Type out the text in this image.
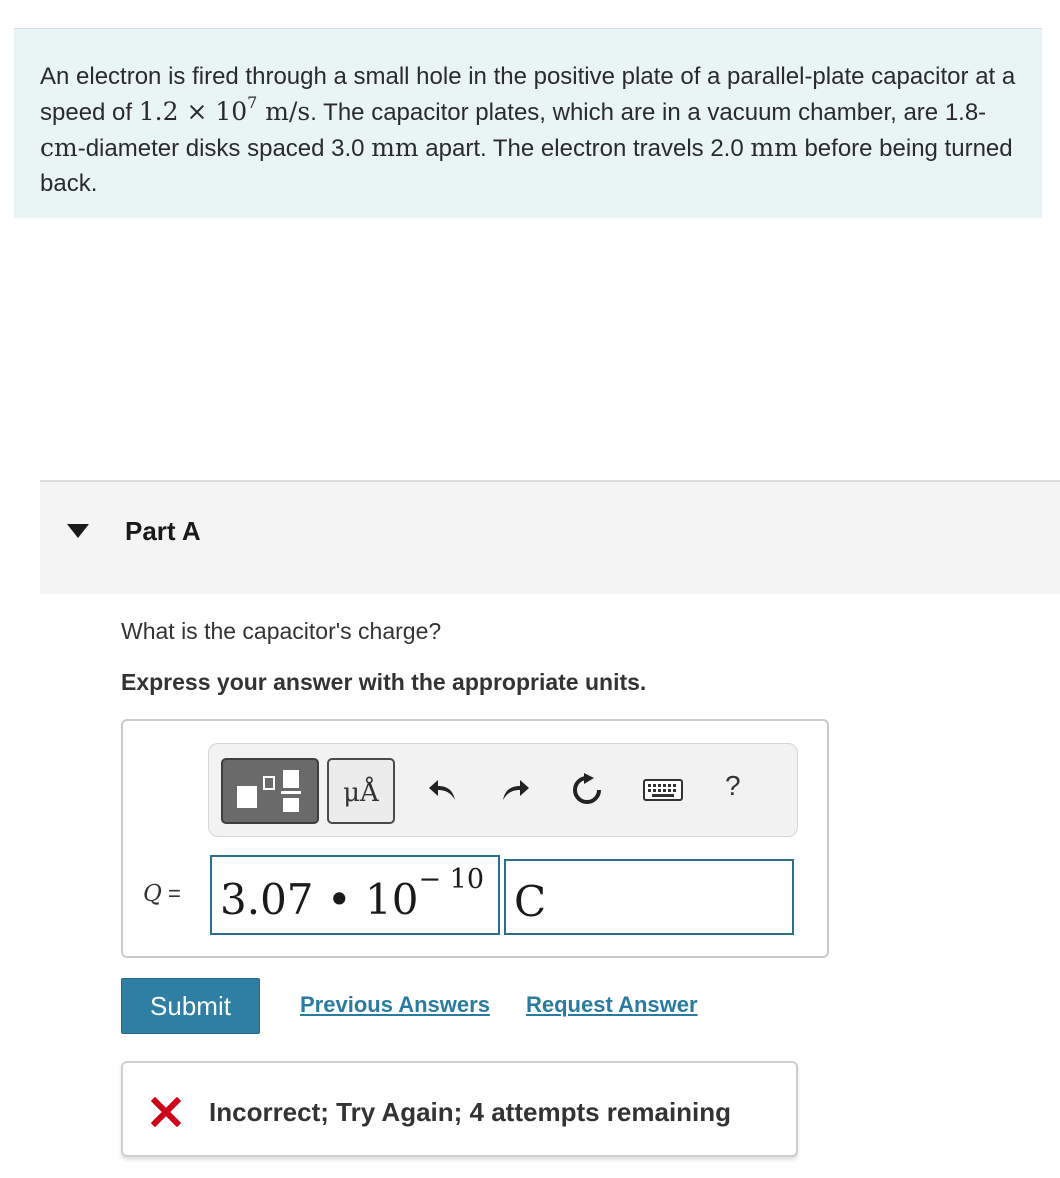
An electron is fired through a small hole in the positive plate of a parallel-plate capacitor at a speed of $1.2 \times 10^7$ m/s. The capacitor plates, which are in a vacuum chamber, are 1.8-cm-diameter disks spaced 3.0 mm apart. The electron travels 2.0 mm before being turned back.
Part A
What is the capacitor's charge?
Express your answer with the appropriate units.
μÅ	?
Q = 3.07 • $10^{- 10}$ C
Submit	Previous Answers Request Answer
Incorrect; Try Again; 4 attempts remaining
